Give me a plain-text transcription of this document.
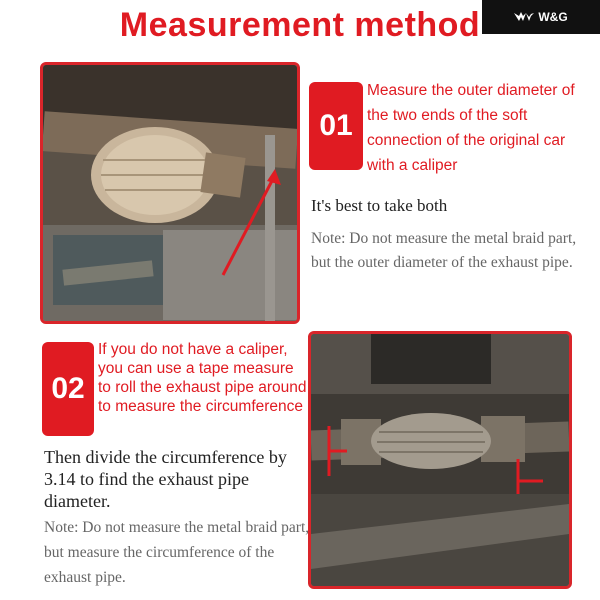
Measurement method	W&G
01
Measure the outer diameter of the two ends of the soft connection of the original car with a caliper
It's best to take both
Note: Do not measure the metal braid part, but the outer diameter of the exhaust pipe.
02
If you do not have a caliper, you can use a tape measure to roll the exhaust pipe around to measure the circumference
Then divide the circumference by 3.14 to find the exhaust pipe diameter.
Note: Do not measure the metal braid part, but measure the circumference of the exhaust pipe.
